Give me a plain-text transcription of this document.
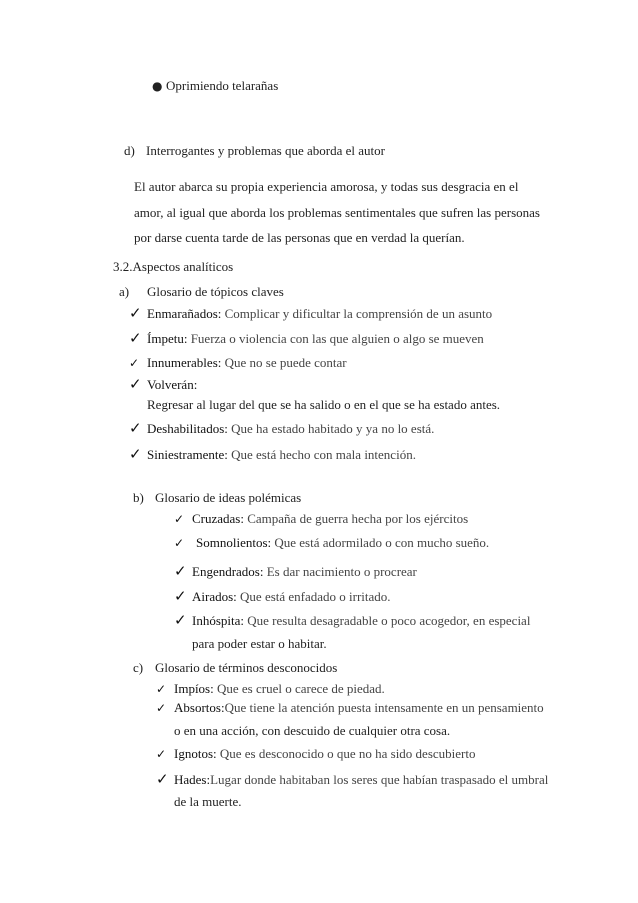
● Oprimiendo telarañas
d) Interrogantes y problemas que aborda el autor
El autor abarca su propia experiencia amorosa, y todas sus desgracia en el
amor, al igual que aborda los problemas sentimentales que sufren las personas
por darse cuenta tarde de las personas que en verdad la querían.
3.2.Aspectos analíticos
a) Glosario de tópicos claves
✓ Enmarañados: Complicar y dificultar la comprensión de un asunto
✓ Ímpetu: Fuerza o violencia con las que alguien o algo se mueven
✓ Innumerables: Que no se puede contar
✓ Volverán:
Regresar al lugar del que se ha salido o en el que se ha estado antes.
✓ Deshabilitados: Que ha estado habitado y ya no lo está.
✓ Siniestramente: Que está hecho con mala intención.
b) Glosario de ideas polémicas
✓ Cruzadas: Campaña de guerra hecha por los ejércitos
✓ Somnolientos: Que está adormilado o con mucho sueño.
✓ Engendrados: Es dar nacimiento o procrear
✓ Airados: Que está enfadado o irritado.
✓ Inhóspita: Que resulta desagradable o poco acogedor, en especial
para poder estar o habitar.
c) Glosario de términos desconocidos
✓ Impíos: Que es cruel o carece de piedad.
✓ Absortos:Que tiene la atención puesta intensamente en un pensamiento
o en una acción, con descuido de cualquier otra cosa.
✓ Ignotos: Que es desconocido o que no ha sido descubierto
✓ Hades:Lugar donde habitaban los seres que habían traspasado el umbral
de la muerte.
